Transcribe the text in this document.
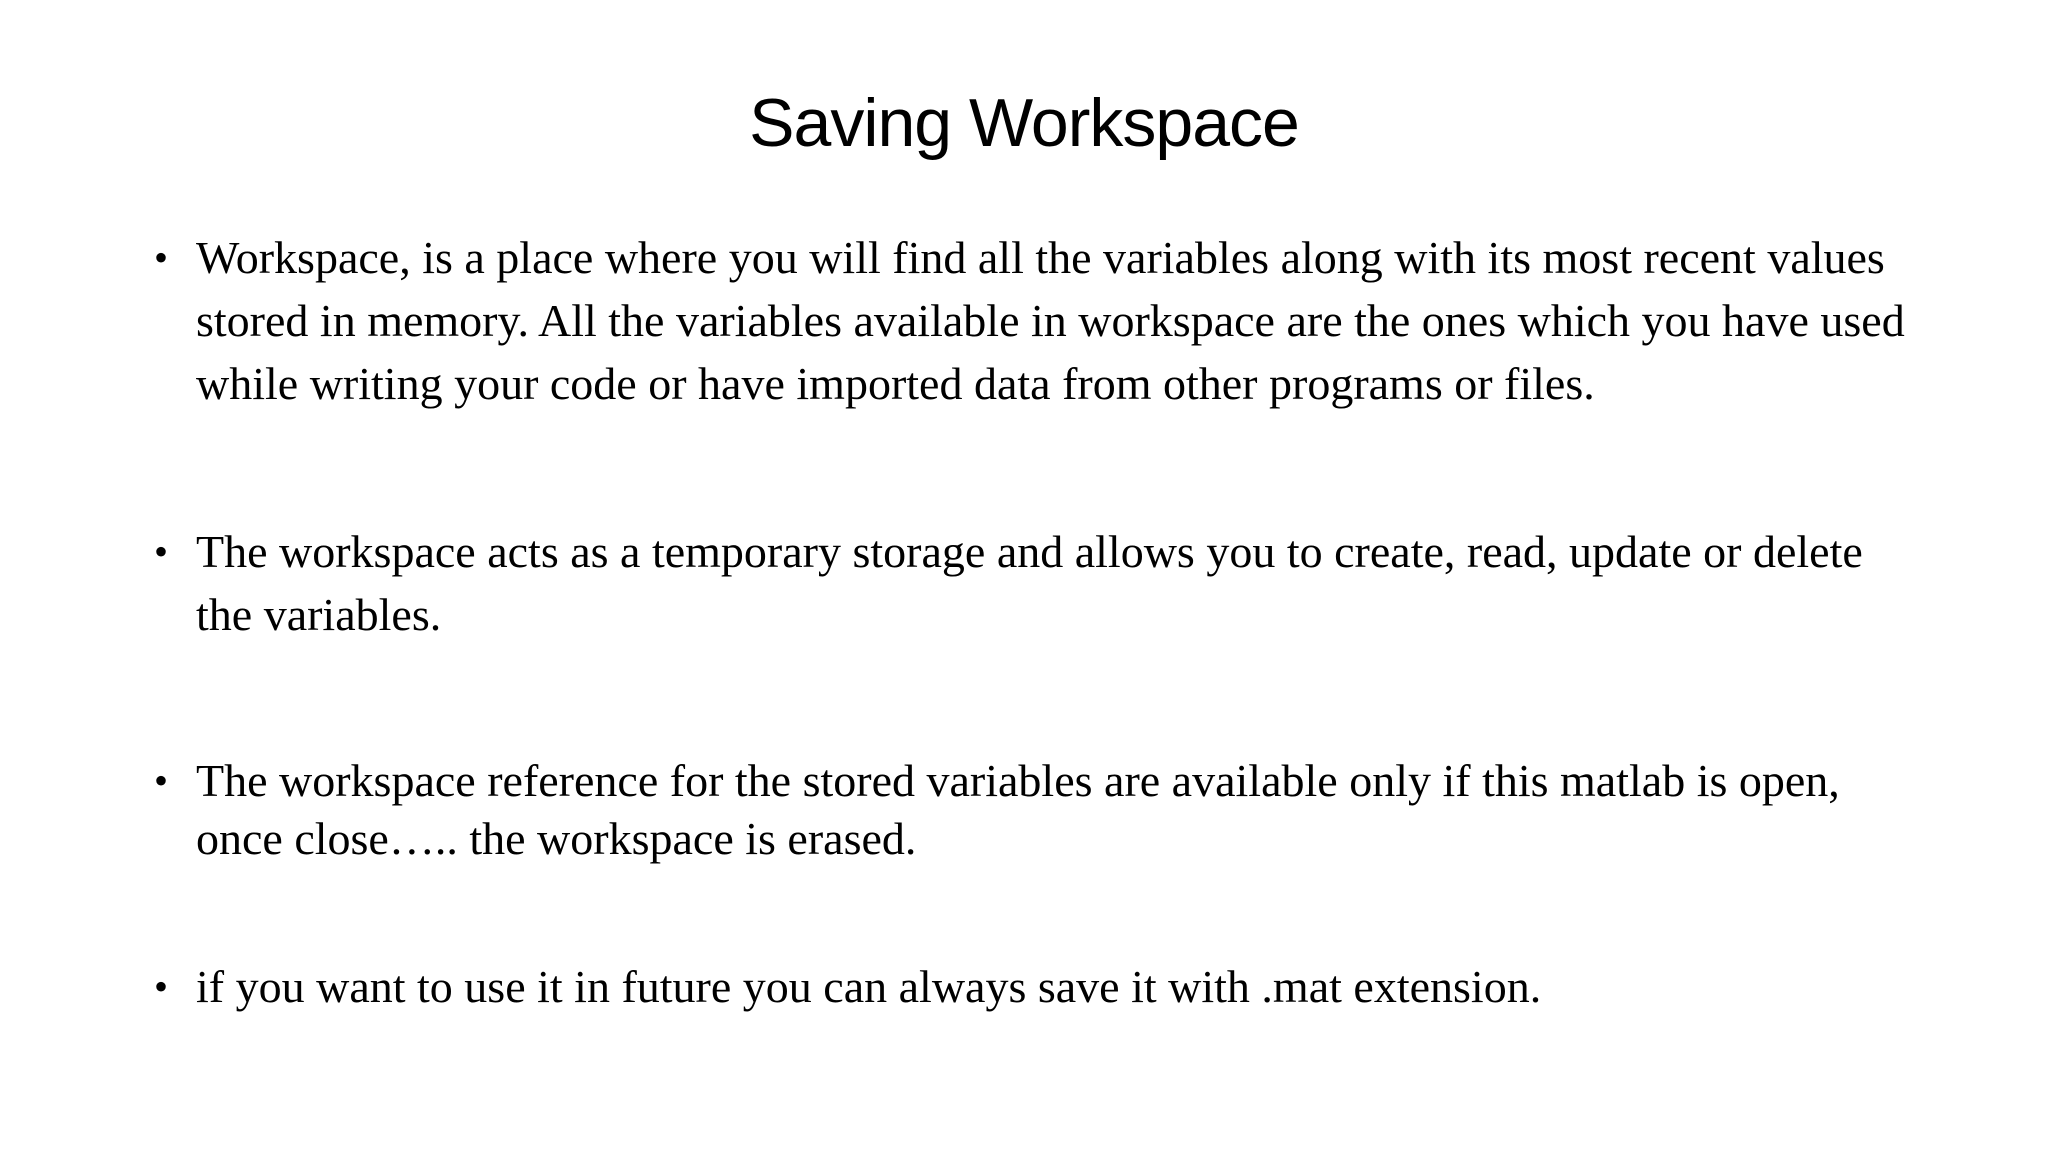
Saving Workspace
• Workspace, is a place where you will find all the variables along with its most recent values stored in memory. All the variables available in workspace are the ones which you have used while writing your code or have imported data from other programs or files.
• The workspace acts as a temporary storage and allows you to create, read, update or delete the variables.
• The workspace reference for the stored variables are available only if this matlab is open, once close….. the workspace is erased.
• if you want to use it in future you can always save it with .mat extension.
